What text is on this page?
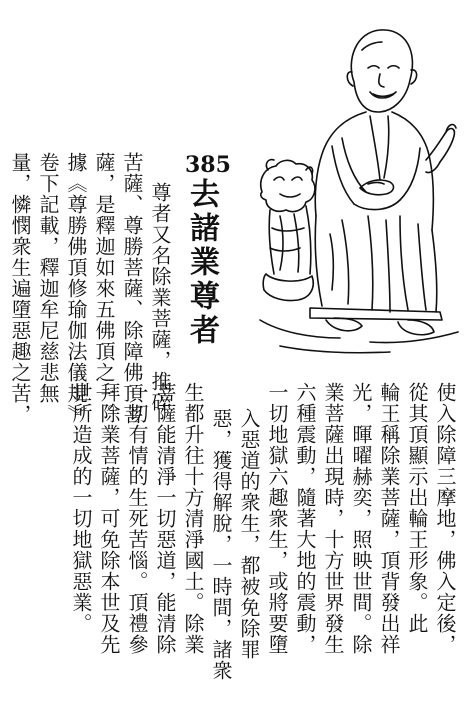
385
去諸業尊者
尊者又名除業菩薩，推碎
苦薩、尊勝菩薩、除障佛頂菩
薩，是釋迦如來五佛頂之一。
據《尊勝佛頂修瑜伽法儀規》
卷下記載，釋迦牟尼慈悲無
量，憐憫衆生遍墮惡趣之苦，
使入除障三摩地，佛入定後，
從其頂顯示出輪王形象。此
輪王稱除業菩薩，頂背發出祥
光，暉曜赫奕，照映世間。除
業菩薩出現時，十方世界發生
六種震動，隨著大地的震動，
一切地獄六趣衆生，或將要墮
入惡道的衆生，都被免除罪
惡，獲得解脫，一時間，諸衆
生都升往十方清淨國土。除業
菩薩能清淨一切惡道，能清除
一切有情的生死苦惱。頂禮參
拜除業菩薩，可免除本世及先
世所造成的一切地獄惡業。
